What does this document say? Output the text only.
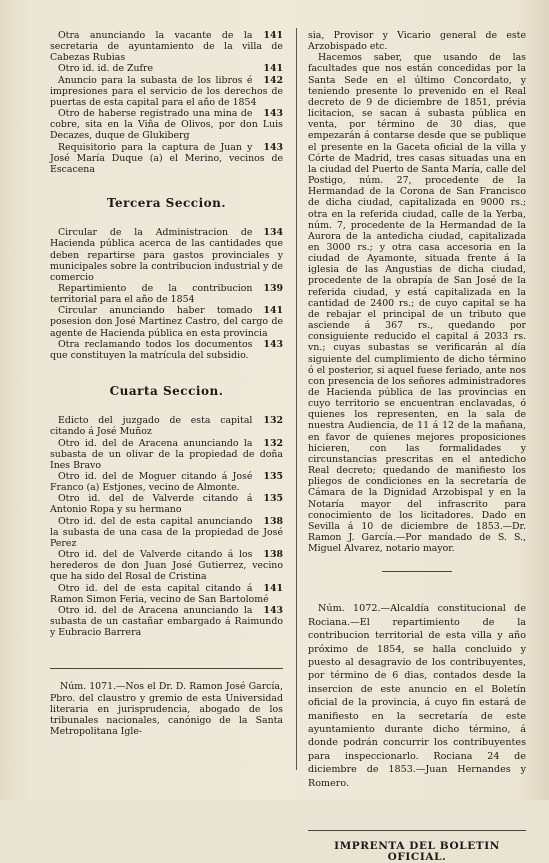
141
Otra anunciando la vacante de la secretaria de ayuntamiento de la villa de Cabezas Rubias

141
Otro id. id. de Zufre

142
Anuncio para la subasta de los libros é impresiones para el servicio de los derechos de puertas de esta capital para el año de 1854

143
Otro de haberse registrado una mina de cobre, sita en la Viña de Olivos, por don Luis Decazes, duque de Glukiberg

143
Requisitorio para la captura de Juan y José María Duque (a) el Merino, vecinos de Escacena

Tercera Seccion.

134
Circular de la Administracion de Hacienda pública acerca de las cantidades que deben repartirse para gastos provinciales y municipales sobre la contribucion industrial y de comercio

139
Repartimiento de la contribucion territorial para el año de 1854

141
Circular anunciando haber tomado posesion don José Martinez Castro, del cargo de agente de Hacienda pública en esta provincia

143
Otra reclamando todos los documentos que constituyen la matrícula del subsidio.

Cuarta Seccion.

132
Edicto del juzgado de esta capital citando á José Muñoz

132
Otro id. del de Aracena anunciando la subasta de un olivar de la propiedad de doña Ines Bravo

135
Otro id. del de Moguer citando á José Franco (a) Estjones, vecino de Almonte.

135
Otro id. del de Valverde citando á Antonio Ropa y su hermano

138
Otro id. del de esta capital anunciando la subasta de una casa de la propiedad de José Perez

138
Otro id. del de Valverde citando á los herederos de don Juan José Gutierrez, vecino que ha sido del Rosal de Cristina

141
Otro id. del de esta capital citando á Ramon Simon Feria, vecino de San Bartolomé

143
Otro id. del de Aracena anunciando la subasta de un castañar embargado á Raimundo y Eubracio Barrera

Núm. 1071.—Nos el Dr. D. Ramon José García, Pbro. del claustro y gremio de esta Universidad literaria en jurisprudencia, abogado de los tribunales nacionales, canónigo de la Santa Metropolitana Igle-

sia, Provisor y Vicario general de este Arzobispado etc.

Hacemos saber, que usando de las facultades que nos están concedidas por la Santa Sede en el último Concordato, y teniendo presente lo prevenido en el Real decreto de 9 de diciembre de 1851, prévia licitacion, se sacan á subasta pública en venta, por término de 30 dias, que empezarán á contarse desde que se publique el presente en la Gaceta oficial de la villa y Córte de Madrid, tres casas situadas una en la ciudad del Puerto de Santa María, calle del Postigo, núm. 27, procedente de la Hermandad de la Corona de San Francisco de dicha ciudad, capitalizada en 9000 rs.; otra en la referida ciudad, calle de la Yerba, núm. 7, procedente de la Hermandad de la Aurora de la antedicha ciudad, capitalizada en 3000 rs.; y otra casa accesoria en la ciudad de Ayamonte, situada frente á la iglesia de las Angustias de dicha ciudad, procedente de la obrapía de San José de la referida ciudad, y está capitalizada en la cantidad de 2400 rs.; de cuyo capital se ha de rebajar el principal de un tributo que asciende á 367 rs., quedando por consiguiente reducido el capital á 2033 rs. vn.; cuyas subastas se verificarán al día siguiente del cumplimiento de dicho término ó el posterior, si aquel fuese feriado, ante nos con presencia de los señores administradores de Hacienda pública de las provincias en cuyo territorio se encuentran enclavadas, ó quienes los representen, en la sala de nuestra Audiencia, de 11 á 12 de la mañana, en favor de quienes mejores proposiciones hicieren, con las formalidades y circunstancias prescritas en el antedicho Real decreto; quedando de manifiesto los pliegos de condiciones en la secretaría de Cámara de la Dignidad Arzobispal y en la Notaría mayor del infrascrito para conocimiento de los licitadores. Dado en Sevilla á 10 de diciembre de 1853.—Dr. Ramon J. García.—Por mandado de S. S., Miguel Alvarez, notario mayor.

Núm. 1072.—Alcaldía constitucional de Rociana.—El repartimiento de la contribucion territorial de esta villa y año próximo de 1854, se halla concluido y puesto al desagravio de los contribuyentes, por término de 6 dias, contados desde la insercion de este anuncio en el Boletín oficial de la provincia, á cuyo fin estará de manifiesto en la secretaría de este ayuntamiento durante dicho término, á donde podrán concurrir los contribuyentes para inspeccionarlo. Rociana 24 de diciembre de 1853.—Juan Hernandes y Romero.

IMPRENTA DEL BOLETIN OFICIAL.
